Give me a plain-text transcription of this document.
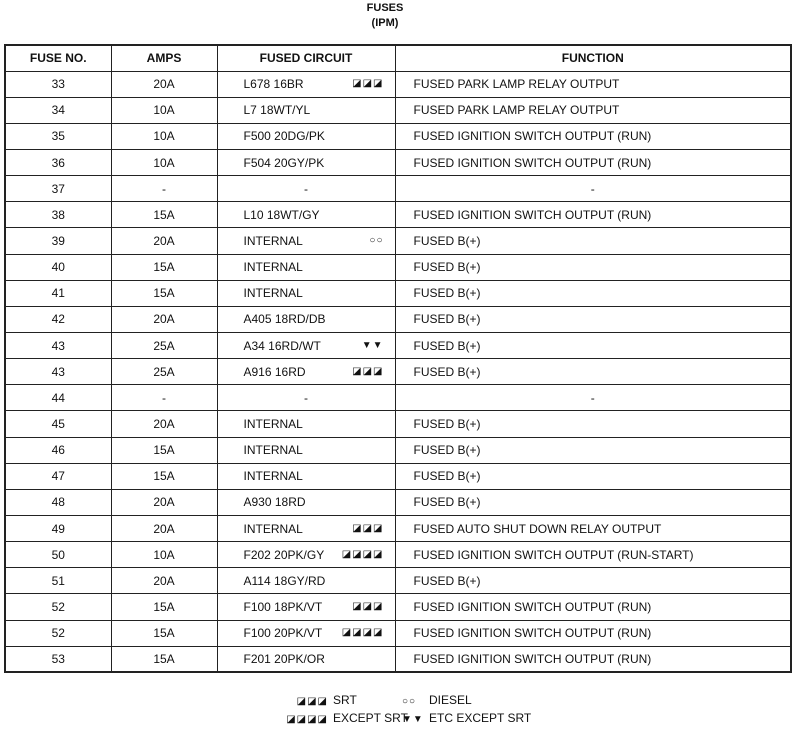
FUSES
(IPM)
FUSE NO.	AMPS	FUSED CIRCUIT	FUNCTION
33	20A	L678 16BR ◪◪◪	FUSED PARK LAMP RELAY OUTPUT
34	10A	L7 18WT/YL	FUSED PARK LAMP RELAY OUTPUT
35	10A	F500 20DG/PK	FUSED IGNITION SWITCH OUTPUT (RUN)
36	10A	F504 20GY/PK	FUSED IGNITION SWITCH OUTPUT (RUN)
37	-	-	-
38	15A	L10 18WT/GY	FUSED IGNITION SWITCH OUTPUT (RUN)
39	20A	INTERNAL ○○	FUSED B(+)
40	15A	INTERNAL	FUSED B(+)
41	15A	INTERNAL	FUSED B(+)
42	20A	A405 18RD/DB	FUSED B(+)
43	25A	A34 16RD/WT ▼▼	FUSED B(+)
43	25A	A916 16RD ◪◪◪	FUSED B(+)
44	-	-	-
45	20A	INTERNAL	FUSED B(+)
46	15A	INTERNAL	FUSED B(+)
47	15A	INTERNAL	FUSED B(+)
48	20A	A930 18RD	FUSED B(+)
49	20A	INTERNAL ◪◪◪	FUSED AUTO SHUT DOWN RELAY OUTPUT
50	10A	F202 20PK/GY ◪◪◪◪	FUSED IGNITION SWITCH OUTPUT (RUN-START)
51	20A	A114 18GY/RD	FUSED B(+)
52	15A	F100 18PK/VT ◪◪◪	FUSED IGNITION SWITCH OUTPUT (RUN)
52	15A	F100 20PK/VT ◪◪◪◪	FUSED IGNITION SWITCH OUTPUT (RUN)
53	15A	F201 20PK/OR	FUSED IGNITION SWITCH OUTPUT (RUN)
◪◪◪ SRT
◪◪◪◪ EXCEPT SRT
○○ DIESEL
▼▼ ETC EXCEPT SRT
